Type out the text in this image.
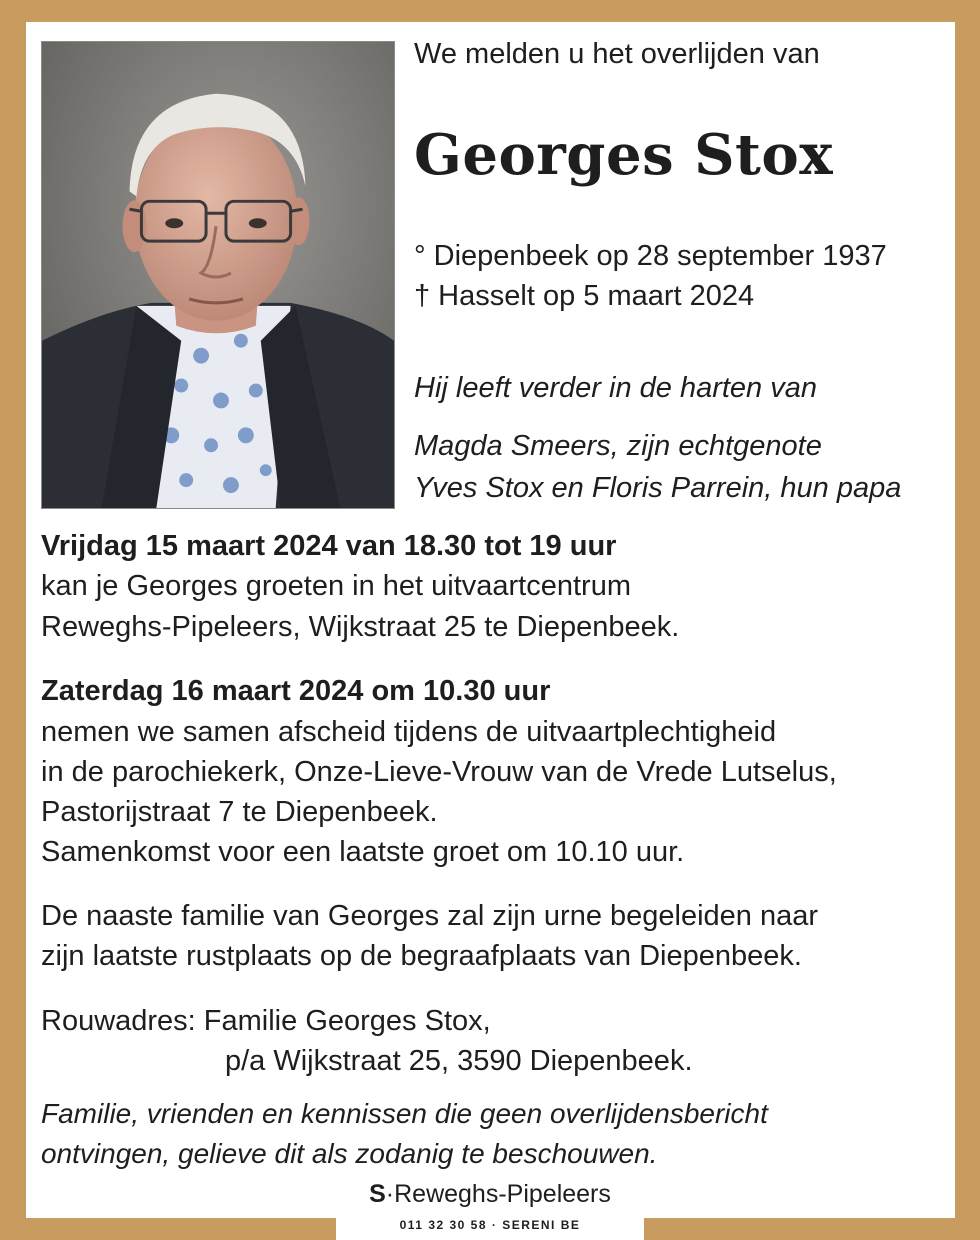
We melden u het overlijden van
Georges Stox
° Diepenbeek op 28 september 1937
† Hasselt op 5 maart 2024
Hij leeft verder in de harten van
Magda Smeers, zijn echtgenote
Yves Stox en Floris Parrein, hun papa
Vrijdag 15 maart 2024 van 18.30 tot 19 uur
kan je Georges groeten in het uitvaartcentrum
Reweghs-Pipeleers, Wijkstraat 25 te Diepenbeek.
Zaterdag 16 maart 2024 om 10.30 uur
nemen we samen afscheid tijdens de uitvaartplechtigheid
in de parochiekerk, Onze-Lieve-Vrouw van de Vrede Lutselus,
Pastorijstraat 7 te Diepenbeek.
Samenkomst voor een laatste groet om 10.10 uur.
De naaste familie van Georges zal zijn urne begeleiden naar
zijn laatste rustplaats op de begraafplaats van Diepenbeek.
Rouwadres: Familie Georges Stox,
p/a Wijkstraat 25, 3590 Diepenbeek.
Familie, vrienden en kennissen die geen overlijdensbericht
ontvingen, gelieve dit als zodanig te beschouwen.
S·Reweghs-Pipeleers
011 32 30 58 · SERENI BE
